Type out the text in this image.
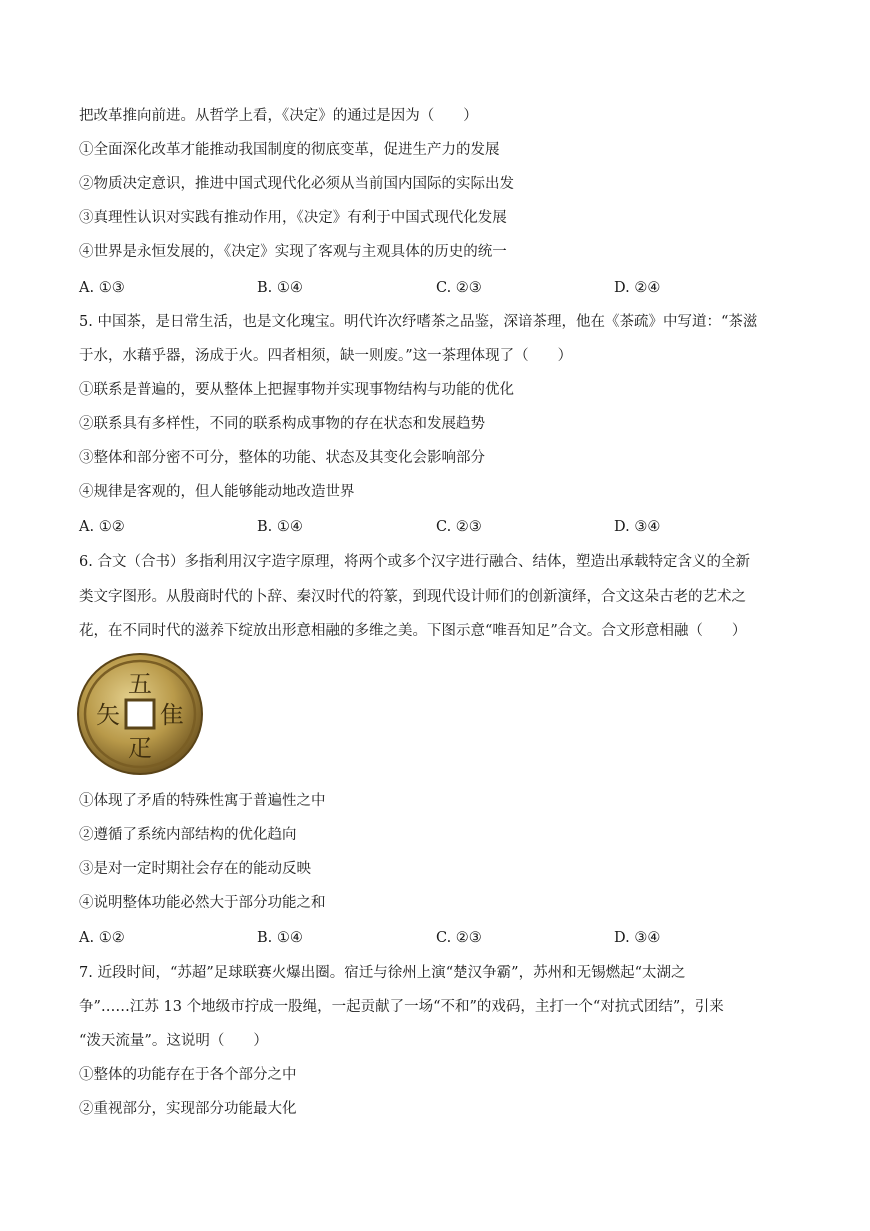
把改革推向前进。从哲学上看，《决定》的通过是因为（　　）
①全面深化改革才能推动我国制度的彻底变革，促进生产力的发展
②物质决定意识，推进中国式现代化必须从当前国内国际的实际出发
③真理性认识对实践有推动作用，《决定》有利于中国式现代化发展
④世界是永恒发展的，《决定》实现了客观与主观具体的历史的统一
A. ①③	B. ①④	C. ②③	D. ②④
5. 中国茶，是日常生活，也是文化瑰宝。明代许次纾嗜茶之品鉴，深谙茶理，他在《茶疏》中写道：“茶滋
于水，水藉乎器，汤成于火。四者相须，缺一则废。”这一茶理体现了（　　）
①联系是普遍的，要从整体上把握事物并实现事物结构与功能的优化
②联系具有多样性，不同的联系构成事物的存在状态和发展趋势
③整体和部分密不可分，整体的功能、状态及其变化会影响部分
④规律是客观的，但人能够能动地改造世界
A. ①②	B. ①④	C. ②③	D. ③④
6. 合文（合书）多指利用汉字造字原理，将两个或多个汉字进行融合、结体，塑造出承载特定含义的全新
类文字图形。从殷商时代的卜辞、秦汉时代的符篆，到现代设计师们的创新演绎，合文这朵古老的艺术之
花，在不同时代的滋养下绽放出形意相融的多维之美。下图示意“唯吾知足”合文。合文形意相融（　　）
五
隹
疋
矢
①体现了矛盾的特殊性寓于普遍性之中
②遵循了系统内部结构的优化趋向
③是对一定时期社会存在的能动反映
④说明整体功能必然大于部分功能之和
A. ①②	B. ①④	C. ②③	D. ③④
7. 近段时间，“苏超”足球联赛火爆出圈。宿迁与徐州上演“楚汉争霸”，苏州和无锡燃起“太湖之
争”……江苏 13 个地级市拧成一股绳，一起贡献了一场“不和”的戏码，主打一个“对抗式团结”，引来
“泼天流量”。这说明（　　）
①整体的功能存在于各个部分之中
②重视部分，实现部分功能最大化
